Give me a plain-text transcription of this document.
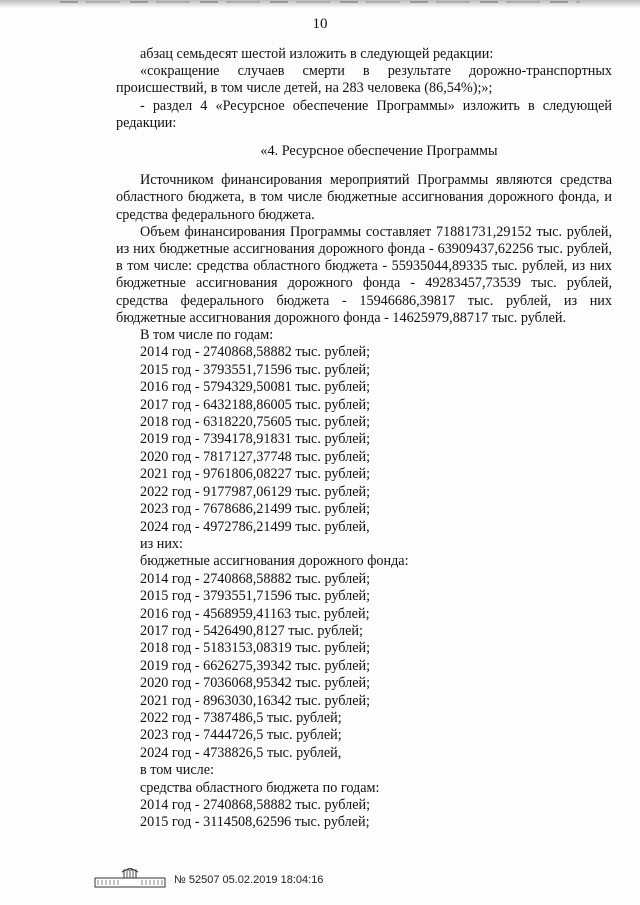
10

абзац семьдесят шестой изложить в следующей редакции:

«сокращение случаев смерти в результате дорожно-транспортных происшествий, в том числе детей, на 283 человека (86,54%);»;

- раздел 4 «Ресурсное обеспечение Программы» изложить в следующей редакции:

«4. Ресурсное обеспечение Программы

Источником финансирования мероприятий Программы являются средства областного бюджета, в том числе бюджетные ассигнования дорожного фонда, и средства федерального бюджета.

Объем финансирования Программы составляет 71881731,29152 тыс. рублей, из них бюджетные ассигнования дорожного фонда - 63909437,62256 тыс. рублей, в том числе: средства областного бюджета - 55935044,89335 тыс. рублей, из них бюджетные ассигнования дорожного фонда - 49283457,73539 тыс. рублей, средства федерального бюджета - 15946686,39817 тыс. рублей, из них бюджетные ассигнования дорожного фонда - 14625979,88717 тыс. рублей.

В том числе по годам:

2014 год - 2740868,58882 тыс. рублей;

2015 год - 3793551,71596 тыс. рублей;

2016 год - 5794329,50081 тыс. рублей;

2017 год - 6432188,86005 тыс. рублей;

2018 год - 6318220,75605 тыс. рублей;

2019 год - 7394178,91831 тыс. рублей;

2020 год - 7817127,37748 тыс. рублей;

2021 год - 9761806,08227 тыс. рублей;

2022 год - 9177987,06129 тыс. рублей;

2023 год - 7678686,21499 тыс. рублей;

2024 год - 4972786,21499 тыс. рублей,

из них:

бюджетные ассигнования дорожного фонда:

2014 год - 2740868,58882 тыс. рублей;

2015 год - 3793551,71596 тыс. рублей;

2016 год - 4568959,41163 тыс. рублей;

2017 год - 5426490,8127 тыс. рублей;

2018 год - 5183153,08319 тыс. рублей;

2019 год - 6626275,39342 тыс. рублей;

2020 год - 7036068,95342 тыс. рублей;

2021 год - 8963030,16342 тыс. рублей;

2022 год - 7387486,5 тыс. рублей;

2023 год - 7444726,5 тыс. рублей;

2024 год - 4738826,5 тыс. рублей,

в том числе:

средства областного бюджета по годам:

2014 год - 2740868,58882 тыс. рублей;

2015 год - 3114508,62596 тыс. рублей;

№ 52507 05.02.2019 18:04:16
